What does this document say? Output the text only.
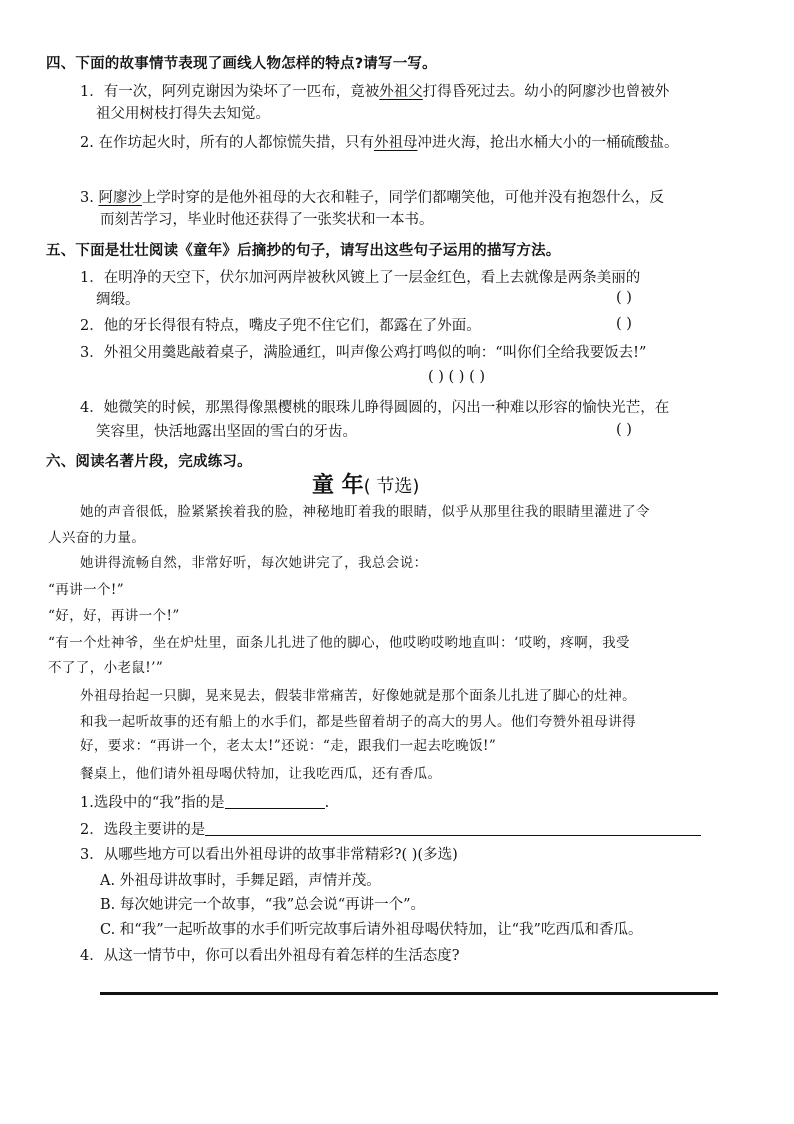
四、下面的故事情节表现了画线人物怎样的特点?请写一写。
1．有一次，阿列克谢因为染坏了一匹布，竟被外祖父打得昏死过去。幼小的阿廖沙也曾被外
祖父用树枝打得失去知觉。
2. 在作坊起火时，所有的人都惊慌失措，只有外祖母冲进火海，抢出水桶大小的一桶硫酸盐。
3. 阿廖沙上学时穿的是他外祖母的大衣和鞋子，同学们都嘲笑他，可他并没有抱怨什么，反
而刻苦学习，毕业时他还获得了一张奖状和一本书。
五、下面是壮壮阅读《童年》后摘抄的句子，请写出这些句子运用的描写方法。
1．在明净的天空下，伏尔加河两岸被秋风镀上了一层金红色，看上去就像是两条美丽的
绸缎。	( )
2．他的牙长得很有特点，嘴皮子兜不住它们，都露在了外面。	( )
3．外祖父用羹匙敲着桌子，满脸通红，叫声像公鸡打鸣似的响：“叫你们全给我要饭去!”
( ) ( ) ( )
4．她微笑的时候，那黑得像黑樱桃的眼珠儿睁得圆圆的，闪出一种难以形容的愉快光芒，在
笑容里，快活地露出坚固的雪白的牙齿。	( )
六、阅读名著片段，完成练习。
童 年( 节选)
她的声音很低，脸紧紧挨着我的脸，神秘地盯着我的眼睛，似乎从那里往我的眼睛里灌进了令
人兴奋的力量。
她讲得流畅自然，非常好听，每次她讲完了，我总会说：
“再讲一个!”
“好，好，再讲一个!”
“有一个灶神爷，坐在炉灶里，面条儿扎进了他的脚心，他哎哟哎哟地直叫：‘哎哟，疼啊，我受
不了了，小老鼠!’”
外祖母抬起一只脚，晃来晃去，假装非常痛苦，好像她就是那个面条儿扎进了脚心的灶神。
和我一起听故事的还有船上的水手们，都是些留着胡子的高大的男人。他们夸赞外祖母讲得
好，要求：“再讲一个，老太太!”还说：“走，跟我们一起去吃晚饭!”
餐桌上，他们请外祖母喝伏特加，让我吃西瓜，还有香瓜。
1.选段中的“我”指的是	.
2．选段主要讲的是
3．从哪些地方可以看出外祖母讲的故事非常精彩?( )(多选)
A. 外祖母讲故事时，手舞足蹈，声情并茂。
B. 每次她讲完一个故事，“我”总会说“再讲一个”。
C. 和“我”一起听故事的水手们听完故事后请外祖母喝伏特加，让“我”吃西瓜和香瓜。
4．从这一情节中，你可以看出外祖母有着怎样的生活态度?
